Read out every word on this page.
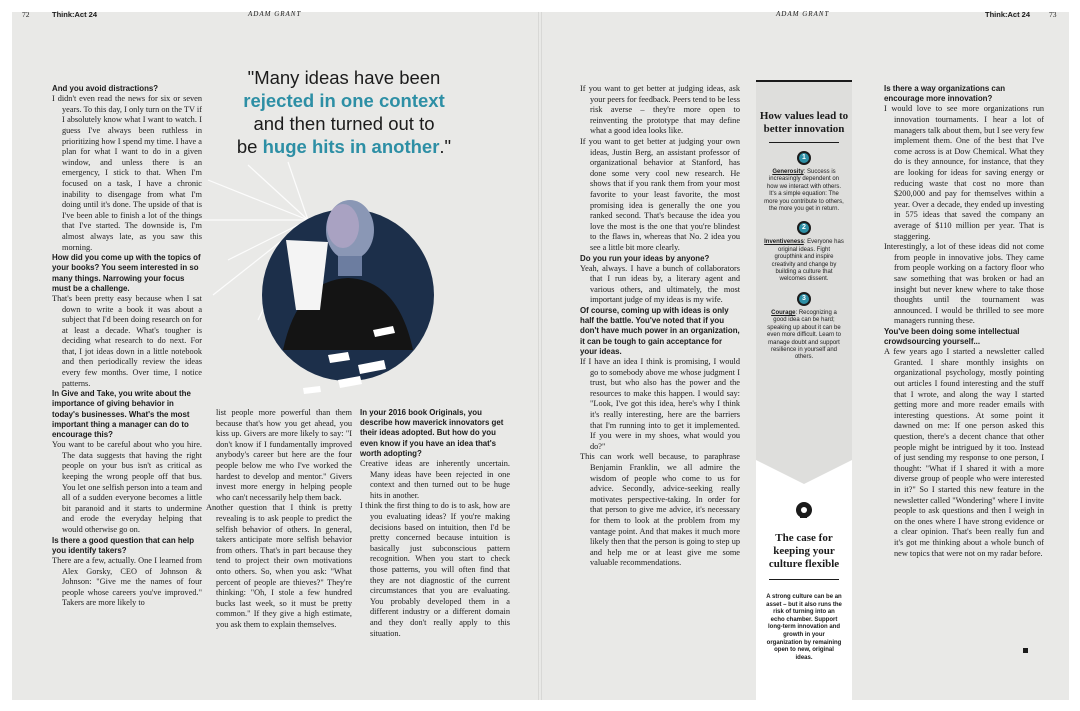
72	Think:Act 24	ADAM GRANT	ADAM GRANT	Think:Act 24	73
"Many ideas have been
rejected in one context
and then turned out to
be huge hits in another."

And you avoid distractions?

I didn't even read the news for six or seven years. To this day, I only turn on the TV if I absolutely know what I want to watch. I guess I've always been ruthless in prioritizing how I spend my time. I have a plan for what I want to do in a given window, and unless there is an emergency, I stick to that. When I'm focused on a task, I have a chronic inability to disengage from what I'm doing until it's done. The upside of that is I've been able to finish a lot of the things that I've started. The downside is, I'm almost always late, as you saw this morning.

How did you come up with the topics of your books? You seem interested in so many things. Narrowing your focus must be a challenge.

That's been pretty easy because when I sat down to write a book it was about a subject that I'd been doing research on for at least a decade. What's tougher is deciding what research to do next. For that, I jot ideas down in a little notebook and then periodically review the ideas every few months. Over time, I notice patterns.

In Give and Take, you write about the importance of giving behavior in today's businesses. What's the most important thing a manager can do to encourage this?

You want to be careful about who you hire. The data suggests that having the right people on your bus isn't as critical as keeping the wrong people off that bus. You let one selfish person into a team and all of a sudden everyone becomes a little bit paranoid and it starts to undermine and erode the everyday helping that would otherwise go on.

Is there a good question that can help you identify takers?

There are a few, actually. One I learned from Alex Gorsky, CEO of Johnson & Johnson: "Give me the names of four people whose careers you've improved." Takers are more likely to

list people more powerful than them because that's how you get ahead, you kiss up. Givers are more likely to say: "I don't know if I fundamentally improved anybody's career but here are the four people below me who I've worked the hardest to develop and mentor." Givers invest more energy in helping people who can't necessarily help them back.

Another question that I think is pretty revealing is to ask people to predict the selfish behavior of others. In general, takers anticipate more selfish behavior from others. That's in part because they tend to project their own motivations onto others. So, when you ask: "What percent of people are thieves?" They're thinking: "Oh, I stole a few hundred bucks last week, so it must be pretty common." If they give a high estimate, you ask them to explain themselves.

In your 2016 book Originals, you describe how maverick innovators get their ideas adopted. But how do you even know if you have an idea that's worth adopting?

Creative ideas are inherently uncertain. Many ideas have been rejected in one context and then turned out to be huge hits in another.

I think the first thing to do is to ask, how are you evaluating ideas? If you're making decisions based on intuition, then I'd be pretty concerned because intuition is basically just subconscious pattern recognition. When you start to check those patterns, you will often find that they are not diagnostic of the current circumstances that you are evaluating. You probably developed them in a different industry or a different domain and they don't really apply to this situation.

If you want to get better at judging ideas, ask your peers for feedback. Peers tend to be less risk averse – they're more open to reinventing the prototype that may define what a good idea looks like.

If you want to get better at judging your own ideas, Justin Berg, an assistant professor of organizational behavior at Stanford, has done some very cool new research. He shows that if you rank them from your most favorite to your least favorite, the most promising idea is generally the one you ranked second. That's because the idea you love the most is the one that you're blindest to the flaws in, whereas that No. 2 idea you see a little bit more clearly.

Do you run your ideas by anyone?

Yeah, always. I have a bunch of collaborators that I run ideas by, a literary agent and various others, and ultimately, the most important judge of my ideas is my wife.

Of course, coming up with ideas is only half the battle. You've noted that if you don't have much power in an organization, it can be tough to gain acceptance for your ideas.

If I have an idea I think is promising, I would go to somebody above me whose judgment I trust, but who also has the power and the resources to make this happen. I would say: "Look, I've got this idea, here's why I think it's really interesting, here are the barriers that I'm running into to get it implemented. If you were in my shoes, what would you do?"

This can work well because, to paraphrase Benjamin Franklin, we all admire the wisdom of people who come to us for advice. Secondly, advice-seeking really motivates perspective-taking. In order for that person to give me advice, it's necessary for them to look at the problem from my vantage point. And that makes it much more likely then that the person is going to step up and help me or at least give me some valuable recommendations.

Is there a way organizations can encourage more innovation?

I would love to see more organizations run innovation tournaments. I hear a lot of managers talk about them, but I see very few implement them. One of the best that I've come across is at Dow Chemical. What they do is they announce, for instance, that they are looking for ideas for saving energy or reducing waste that cost no more than $200,000 and pay for themselves within a year. Over a decade, they ended up investing in 575 ideas that saved the company an average of $110 million per year. That is staggering.

Interestingly, a lot of these ideas did not come from people in innovative jobs. They came from people working on a factory floor who saw something that was broken or had an insight but never knew where to take those thoughts until the tournament was announced. I would be thrilled to see more managers running these.

You've been doing some intellectual crowdsourcing yourself...

A few years ago I started a newsletter called Granted. I share monthly insights on organizational psychology, mostly pointing out articles I found interesting and the stuff that I wrote, and along the way I started getting more and more reader emails with interesting questions. At some point it dawned on me: If one person asked this question, there's a decent chance that other people might be intrigued by it too. Instead of just sending my response to one person, I thought: "What if I shared it with a more diverse group of people who were interested in it?" So I started this new feature in the newsletter called "Wondering" where I invite people to ask questions and then I weigh in on the ones where I have strong evidence or a clear opinion. That's been really fun and it's got me thinking about a whole bunch of new topics that were not on my radar before.

How values lead to better innovation
1
Generosity: Success is increasingly dependent on how we interact with others. It's a simple equation: The more you contribute to others, the more you get in return.
2
Inventiveness: Everyone has original ideas. Fight groupthink and inspire creativity and change by building a culture that welcomes dissent.
3
Courage: Recognizing a good idea can be hard; speaking up about it can be even more difficult. Learn to manage doubt and support resilience in yourself and others.
The case for keeping your culture flexible
A strong culture can be an asset – but it also runs the risk of turning into an echo chamber. Support long-term innovation and growth in your organization by remaining open to new, original ideas.
